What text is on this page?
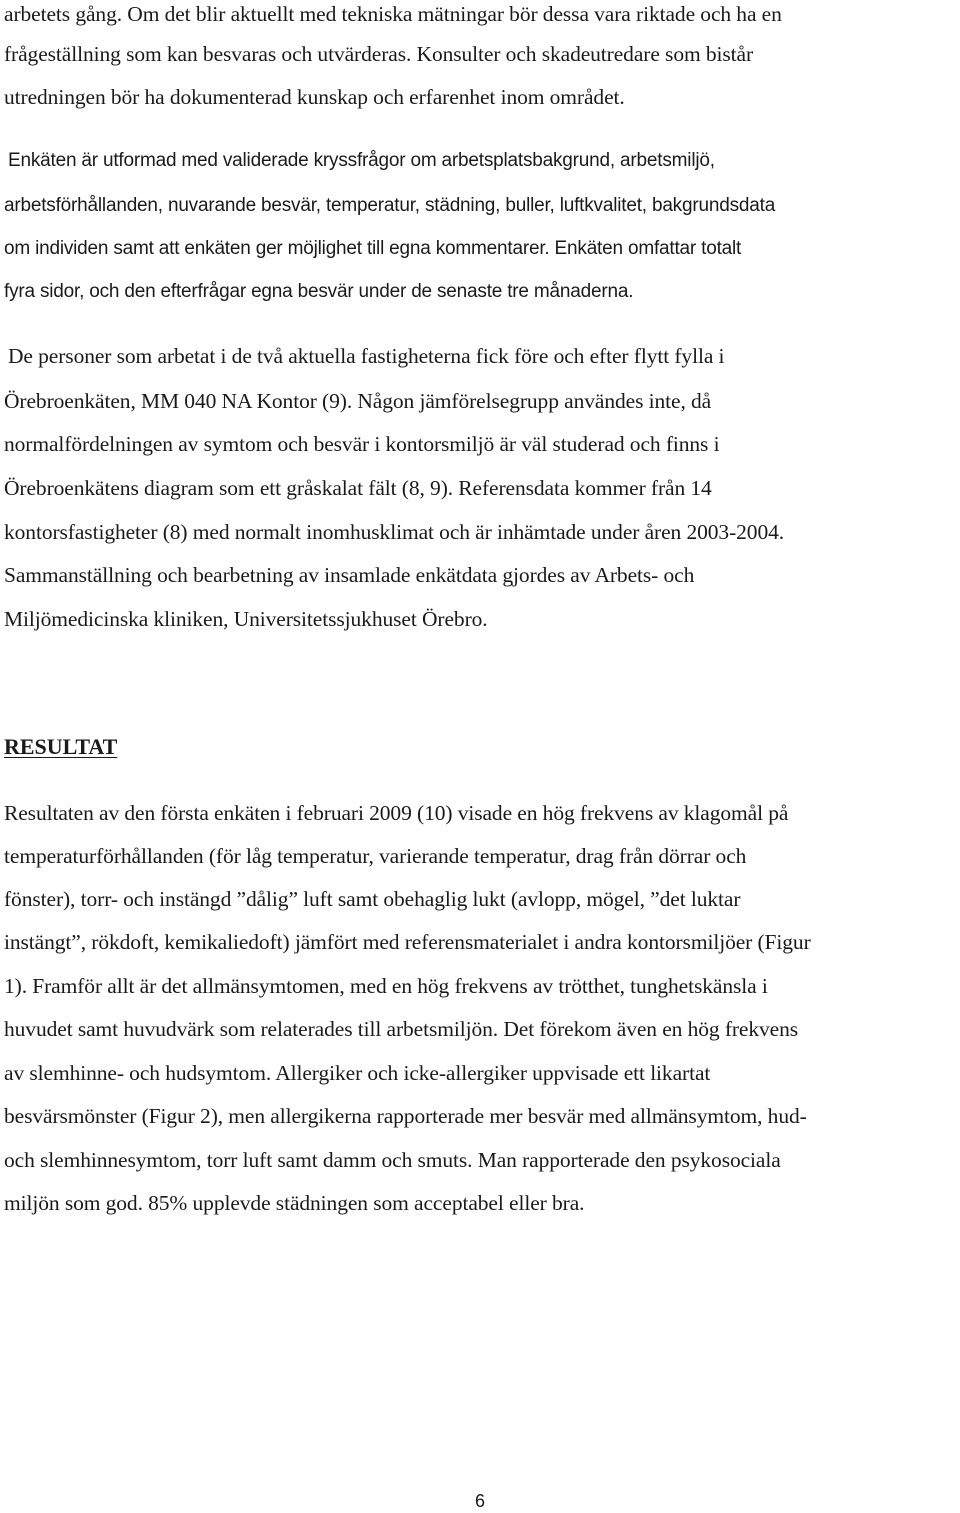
arbetets gång. Om det blir aktuellt med tekniska mätningar bör dessa vara riktade och ha en

frågeställning som kan besvaras och utvärderas. Konsulter och skadeutredare som bistår

utredningen bör ha dokumenterad kunskap och erfarenhet inom området.

Enkäten är utformad med validerade kryssfrågor om arbetsplatsbakgrund, arbetsmiljö,

arbetsförhållanden, nuvarande besvär, temperatur, städning, buller, luftkvalitet, bakgrundsdata

om individen samt att enkäten ger möjlighet till egna kommentarer. Enkäten omfattar totalt

fyra sidor, och den efterfrågar egna besvär under de senaste tre månaderna.

De personer som arbetat i de två aktuella fastigheterna fick före och efter flytt fylla i

Örebroenkäten, MM 040 NA Kontor (9). Någon jämförelsegrupp användes inte, då

normalfördelningen av symtom och besvär i kontorsmiljö är väl studerad och finns i

Örebroenkätens diagram som ett gråskalat fält (8, 9). Referensdata kommer från 14

kontorsfastigheter (8) med normalt inomhusklimat och är inhämtade under åren 2003-2004.

Sammanställning och bearbetning av insamlade enkätdata gjordes av Arbets- och

Miljömedicinska kliniken, Universitetssjukhuset Örebro.

RESULTAT

Resultaten av den första enkäten i februari 2009 (10) visade en hög frekvens av klagomål på

temperaturförhållanden (för låg temperatur, varierande temperatur, drag från dörrar och

fönster), torr- och instängd ”dålig” luft samt obehaglig lukt (avlopp, mögel, ”det luktar

instängt”, rökdoft, kemikaliedoft) jämfört med referensmaterialet i andra kontorsmiljöer (Figur

1). Framför allt är det allmänsymtomen, med en hög frekvens av trötthet, tunghetskänsla i

huvudet samt huvudvärk som relaterades till arbetsmiljön. Det förekom även en hög frekvens

av slemhinne- och hudsymtom. Allergiker och icke-allergiker uppvisade ett likartat

besvärsmönster (Figur 2), men allergikerna rapporterade mer besvär med allmänsymtom, hud-

och slemhinnesymtom, torr luft samt damm och smuts. Man rapporterade den psykosociala

miljön som god. 85% upplevde städningen som acceptabel eller bra.

6
